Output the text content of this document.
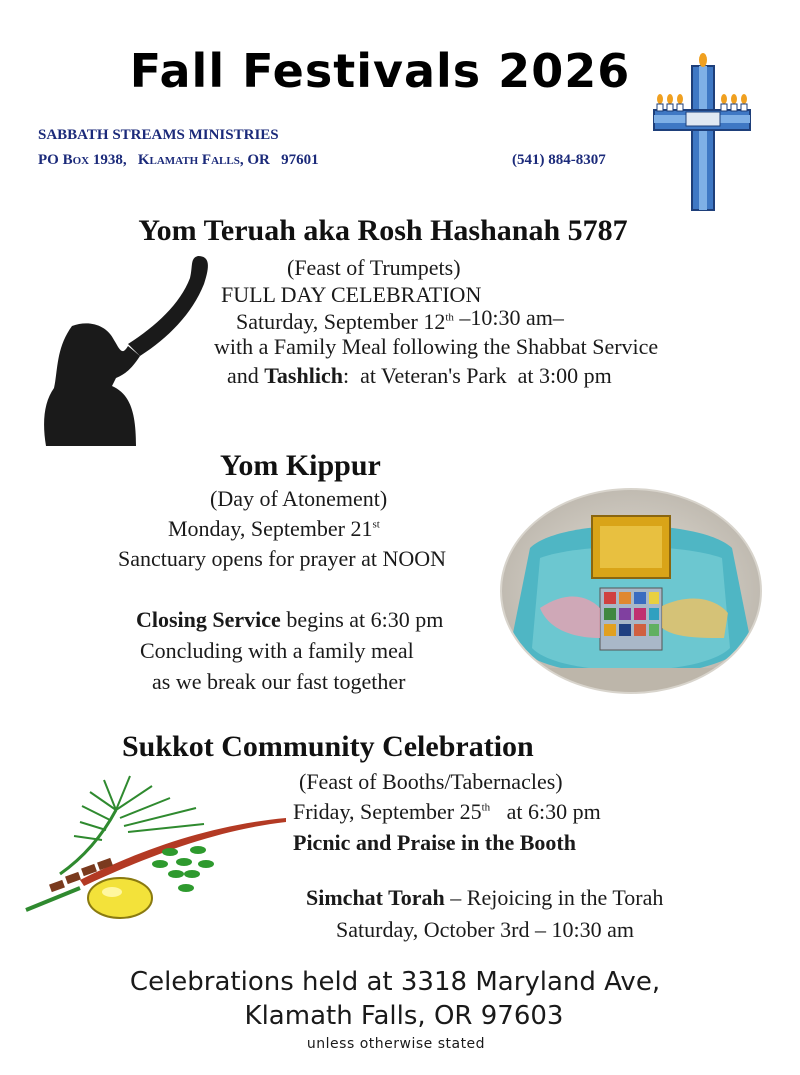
Fall Festivals 2026
SABBATH STREAMS MINISTRIES
PO Box 1938,   Klamath Falls, OR   97601	(541) 884-8307
Yom Teruah aka Rosh Hashanah 5787
(Feast of Trumpets)
FULL DAY CELEBRATION
Saturday, September 12th –10:30 am–
with a Family Meal following the Shabbat Service
and Tashlich:  at Veteran's Park  at 3:00 pm
Yom Kippur
(Day of Atonement)
Monday, September 21st
Sanctuary opens for prayer at NOON
Closing Service begins at 6:30 pm
Concluding with a family meal
as we break our fast together
Sukkot Community Celebration
(Feast of Booths/Tabernacles)
Friday, September 25th   at 6:30 pm
Picnic and Praise in the Booth
Simchat Torah – Rejoicing in the Torah
Saturday, October 3rd – 10:30 am
Celebrations held at 3318 Maryland Ave,
Klamath Falls, OR 97603
unless otherwise stated
